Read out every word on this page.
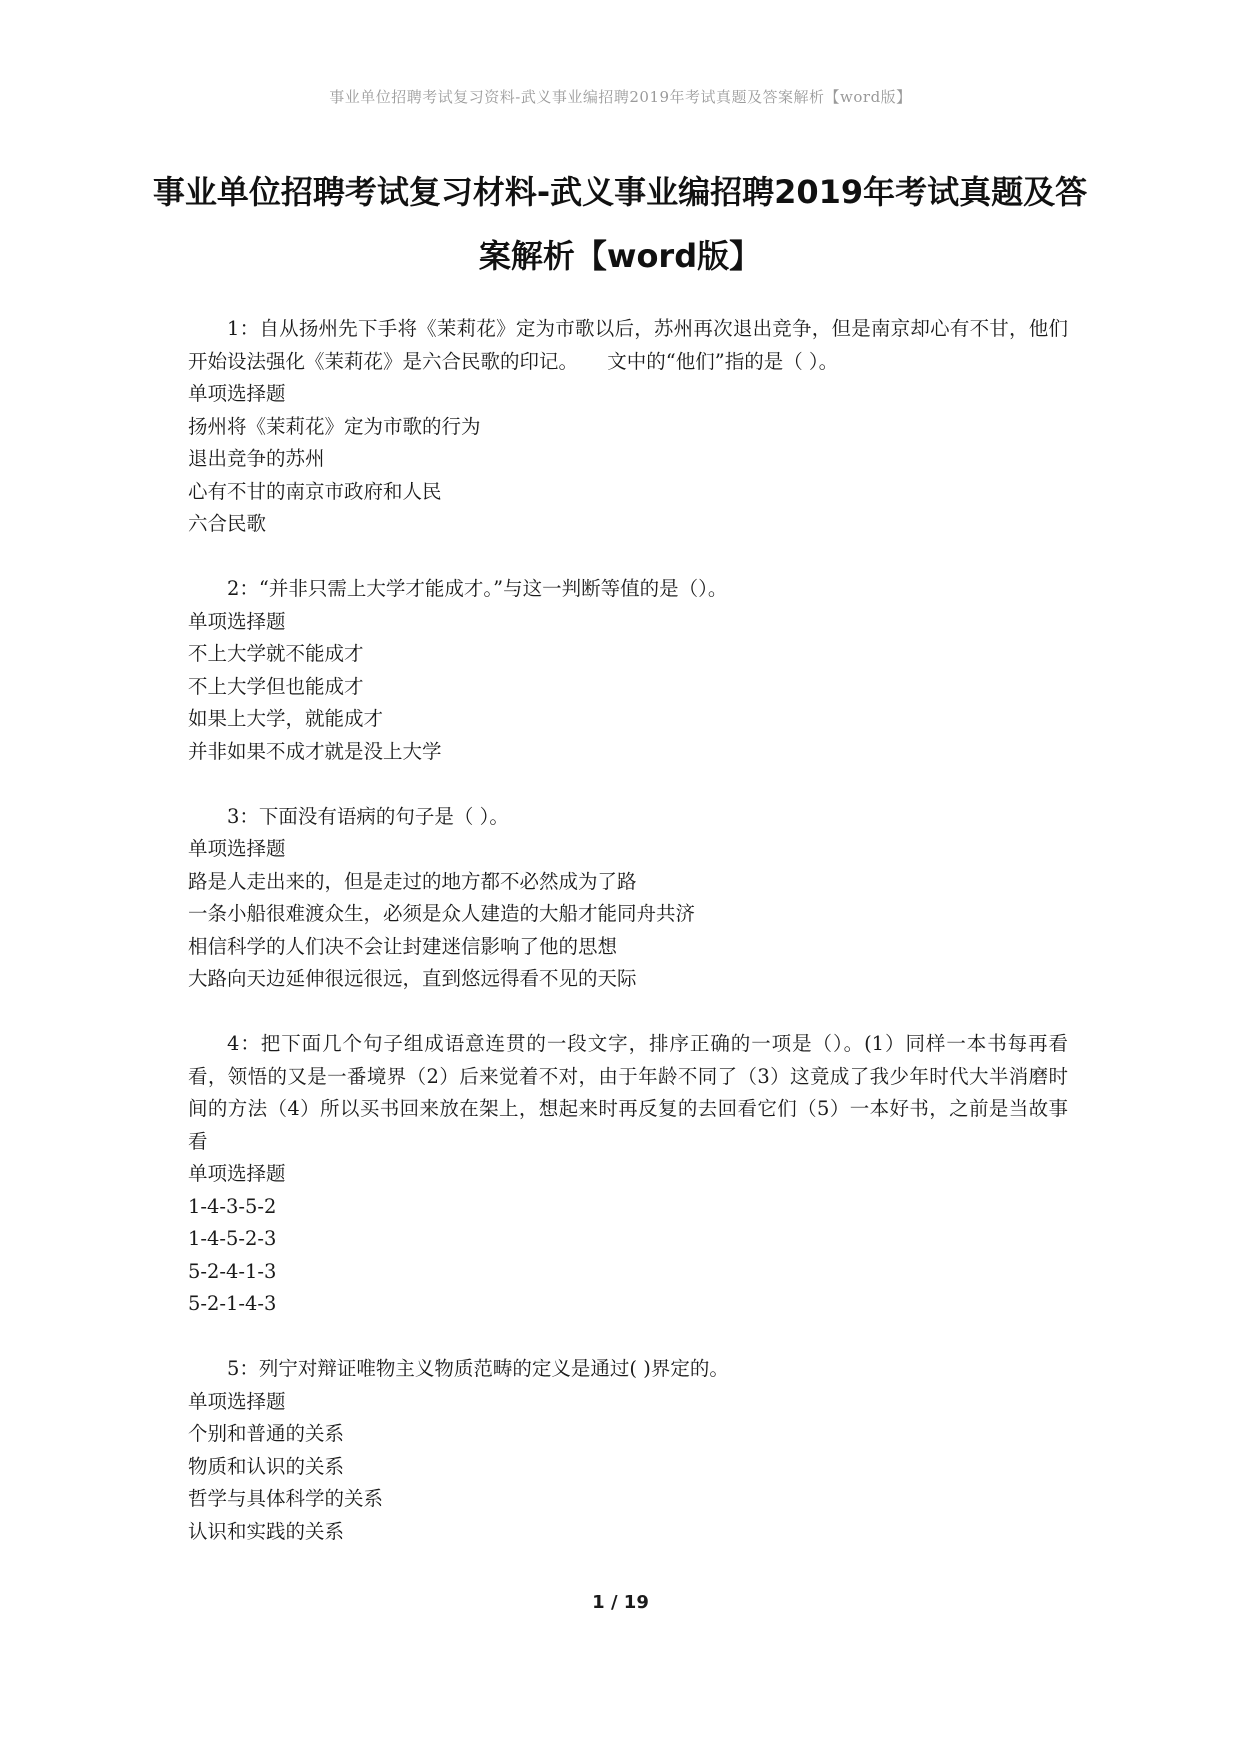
事业单位招聘考试复习资料-武义事业编招聘2019年考试真题及答案解析【word版】
事业单位招聘考试复习材料-武义事业编招聘2019年考试真题及答案解析【word版】
1：自从扬州先下手将《茉莉花》定为市歌以后，苏州再次退出竞争，但是南京却心有不甘，他们开始设法强化《茉莉花》是六合民歌的印记。　　文中的“他们”指的是（ ）。
单项选择题
扬州将《茉莉花》定为市歌的行为
退出竞争的苏州
心有不甘的南京市政府和人民
六合民歌
2：“并非只需上大学才能成才。”与这一判断等值的是（）。
单项选择题
不上大学就不能成才
不上大学但也能成才
如果上大学，就能成才
并非如果不成才就是没上大学
3：下面没有语病的句子是（ ）。
单项选择题
路是人走出来的，但是走过的地方都不必然成为了路
一条小船很难渡众生，必须是众人建造的大船才能同舟共济
相信科学的人们决不会让封建迷信影响了他的思想
大路向天边延伸很远很远，直到悠远得看不见的天际
4：把下面几个句子组成语意连贯的一段文字，排序正确的一项是（）。(1）同样一本书每再看看，领悟的又是一番境界（2）后来觉着不对，由于年龄不同了（3）这竟成了我少年时代大半消磨时间的方法（4）所以买书回来放在架上，想起来时再反复的去回看它们（5）一本好书，之前是当故事看
单项选择题
1-4-3-5-2
1-4-5-2-3
5-2-4-1-3
5-2-1-4-3
5：列宁对辩证唯物主义物质范畴的定义是通过( )界定的。
单项选择题
个别和普通的关系
物质和认识的关系
哲学与具体科学的关系
认识和实践的关系
1 / 19
